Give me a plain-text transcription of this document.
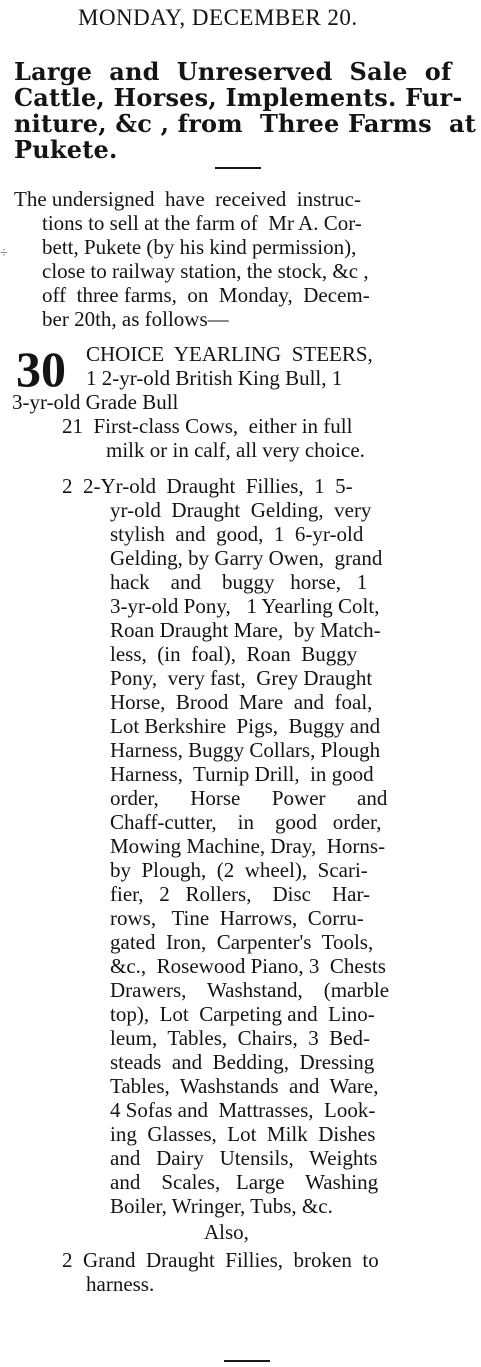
MONDAY, DECEMBER 20.

Large  and  Unreserved  Sale  of

Cattle, Horses, Implements. Fur-

niture, &c , from  Three Farms  at

Pukete.

The undersigned  have  received  instruc-

tions to sell at the farm of  Mr A. Cor-

bett, Pukete (by his kind permission),

close to railway station, the stock, &c ,

off  three farms,  on  Monday,  Decem-

ber 20th, as follows—

÷
30

CHOICE  YEARLING  STEERS,

1 2-yr-old British King Bull, 1

3-yr-old Grade Bull

21  First-class Cows,  either in full

milk or in calf, all very choice.

2  2-Yr-old  Draught  Fillies,  1  5-

yr-old  Draught  Gelding,  very

stylish  and  good,  1  6-yr-old

Gelding, by Garry Owen,  grand

hack    and    buggy   horse,   1

3-yr-old Pony,   1 Yearling Colt,

Roan Draught Mare,  by Match-

less,  (in  foal),  Roan  Buggy

Pony,  very fast,  Grey Draught

Horse,  Brood  Mare  and  foal,

Lot Berkshire  Pigs,  Buggy and

Harness, Buggy Collars, Plough

Harness,  Turnip Drill,  in good

order,      Horse      Power      and

Chaff-cutter,    in    good   order,

Mowing Machine, Dray,  Horns-

by  Plough,  (2  wheel),  Scari-

fier,   2   Rollers,    Disc    Har-

rows,   Tine  Harrows,  Corru-

gated  Iron,  Carpenter's  Tools,

&c.,  Rosewood Piano, 3  Chests

Drawers,    Washstand,    (marble

top),  Lot  Carpeting and  Lino-

leum,  Tables,  Chairs,  3  Bed-

steads  and  Bedding,  Dressing

Tables,  Washstands  and  Ware,

4 Sofas and  Mattrasses,  Look-

ing  Glasses,  Lot  Milk  Dishes

and   Dairy   Utensils,   Weights

and    Scales,   Large    Washing

Boiler, Wringer, Tubs, &c.

Also,

2  Grand  Draught  Fillies,  broken  to

harness.
